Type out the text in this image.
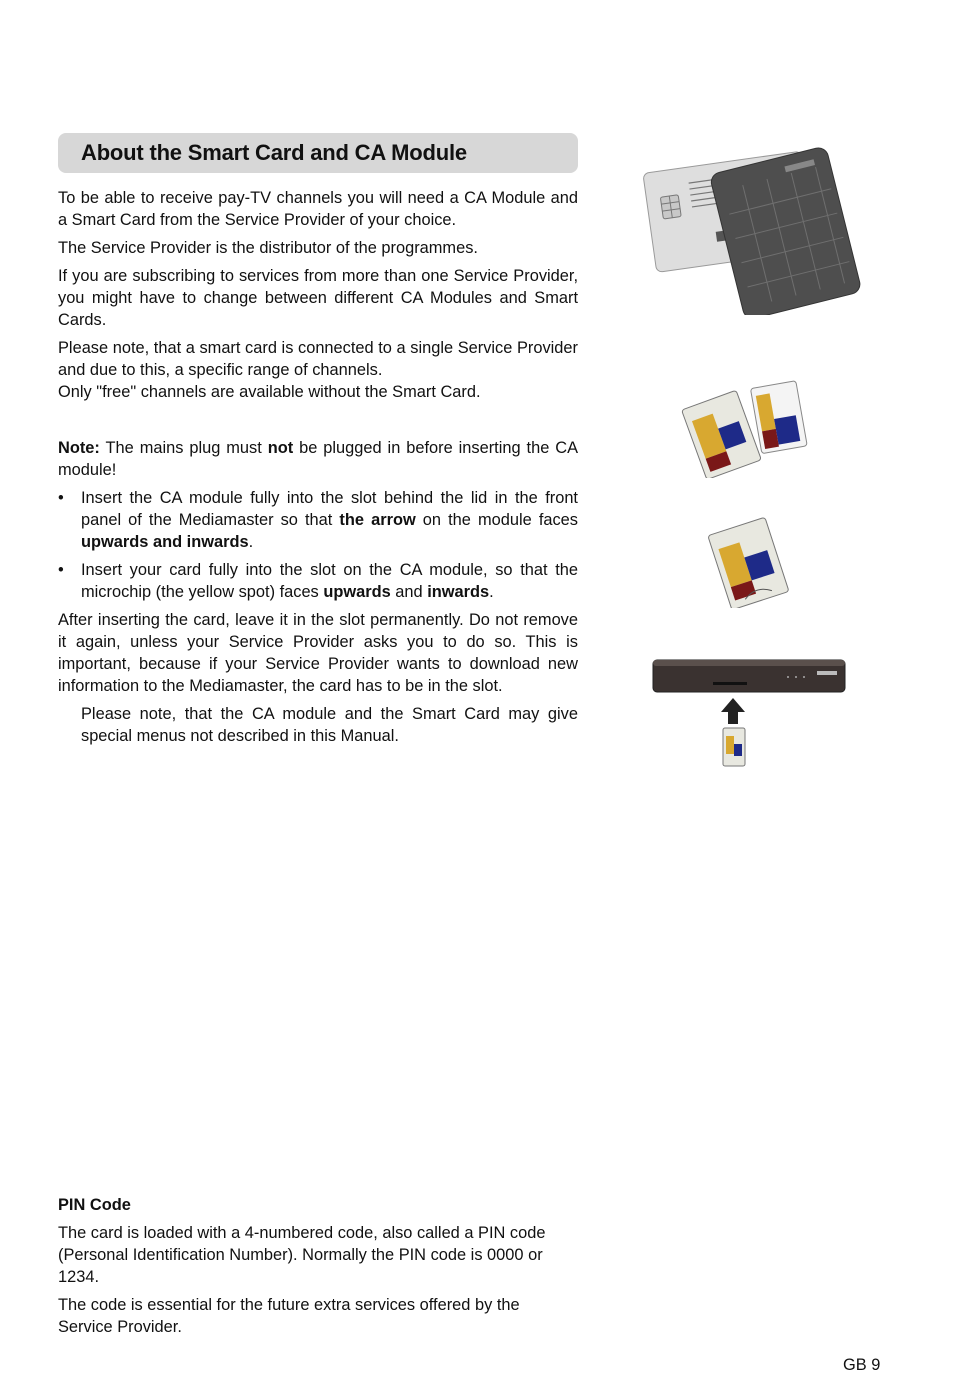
About the Smart Card and CA Module

To be able to receive pay-TV channels you will need a CA Module and a Smart Card from the Service Provider of your choice.

The Service Provider is the distributor of the programmes.

If you are subscribing to services from more than one Service Provider, you might have to change between different CA Modules and Smart Cards.

Please note, that a smart card is connected to a single Service Provider and due to this, a specific range of channels.
Only "free" channels are available without the Smart Card.

Note: The mains plug must not be plugged in before inserting the CA module!

• Insert the CA module fully into the slot behind the lid in the front panel of the Mediamaster so that the arrow on the module faces upwards and inwards.
• Insert your card fully into the slot on the CA module, so that the microchip (the yellow spot) faces upwards and inwards.

After inserting the card, leave it in the slot permanently. Do not remove it again, unless your Service Provider asks you to do so. This is important, because if your Service Provider wants to download new information to the Mediamaster, the card has to be in the slot.

Please note, that the CA module and the Smart Card may give special menus not described in this Manual.

PIN Code

The card is loaded with a 4-numbered code, also called a PIN code (Personal Identification Number). Normally the PIN code is 0000 or 1234.

The code is essential for the future extra services offered by the Service Provider.

GB 9
